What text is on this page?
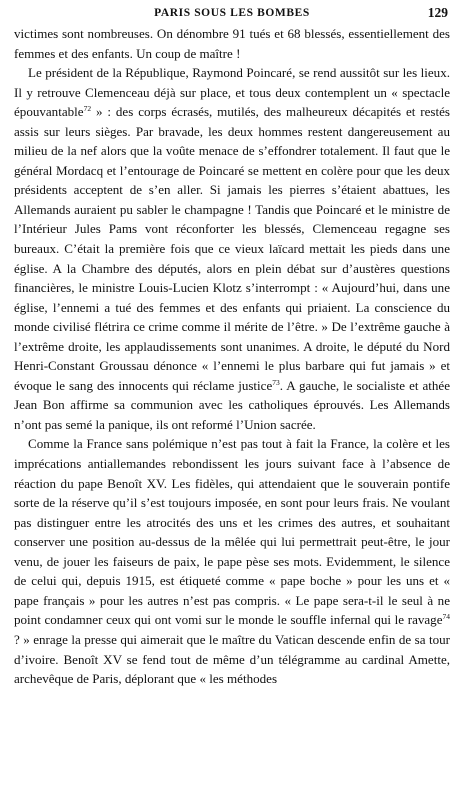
PARIS SOUS LES BOMBES	129

victimes sont nombreuses. On dénombre 91 tués et 68 blessés, essentiellement des femmes et des enfants. Un coup de maître !

Le président de la République, Raymond Poincaré, se rend aussitôt sur les lieux. Il y retrouve Clemenceau déjà sur place, et tous deux contemplent un « spectacle épouvantable$^{72}$ » : des corps écrasés, mutilés, des malheureux décapités et restés assis sur leurs sièges. Par bravade, les deux hommes restent dangereusement au milieu de la nef alors que la voûte menace de s’effondrer totalement. Il faut que le général Mordacq et l’entourage de Poincaré se mettent en colère pour que les deux présidents acceptent de s’en aller. Si jamais les pierres s’étaient abattues, les Allemands auraient pu sabler le champagne ! Tandis que Poincaré et le ministre de l’Intérieur Jules Pams vont réconforter les blessés, Clemenceau regagne ses bureaux. C’était la première fois que ce vieux laïcard mettait les pieds dans une église. A la Chambre des députés, alors en plein débat sur d’austères questions financières, le ministre Louis-Lucien Klotz s’interrompt : « Aujourd’hui, dans une église, l’ennemi a tué des femmes et des enfants qui priaient. La conscience du monde civilisé flétrira ce crime comme il mérite de l’être. » De l’extrême gauche à l’extrême droite, les applaudissements sont unanimes. A droite, le député du Nord Henri-Constant Groussau dénonce « l’ennemi le plus barbare qui fut jamais » et évoque le sang des innocents qui réclame justice$^{73}$. A gauche, le socialiste et athée Jean Bon affirme sa communion avec les catholiques éprouvés. Les Allemands n’ont pas semé la panique, ils ont reformé l’Union sacrée.

Comme la France sans polémique n’est pas tout à fait la France, la colère et les imprécations antiallemandes rebondissent les jours suivant face à l’absence de réaction du pape Benoît XV. Les fidèles, qui attendaient que le souverain pontife sorte de la réserve qu’il s’est toujours imposée, en sont pour leurs frais. Ne voulant pas distinguer entre les atrocités des uns et les crimes des autres, et souhaitant conserver une position au-dessus de la mêlée qui lui permettrait peut-être, le jour venu, de jouer les faiseurs de paix, le pape pèse ses mots. Evidemment, le silence de celui qui, depuis 1915, est étiqueté comme « pape boche » pour les uns et « pape français » pour les autres n’est pas compris. « Le pape sera-t-il le seul à ne point condamner ceux qui ont vomi sur le monde le souffle infernal qui le ravage$^{74}$ ? » enrage la presse qui aimerait que le maître du Vatican descende enfin de sa tour d’ivoire. Benoît XV se fend tout de même d’un télégramme au cardinal Amette, archevêque de Paris, déplorant que « les méthodes
